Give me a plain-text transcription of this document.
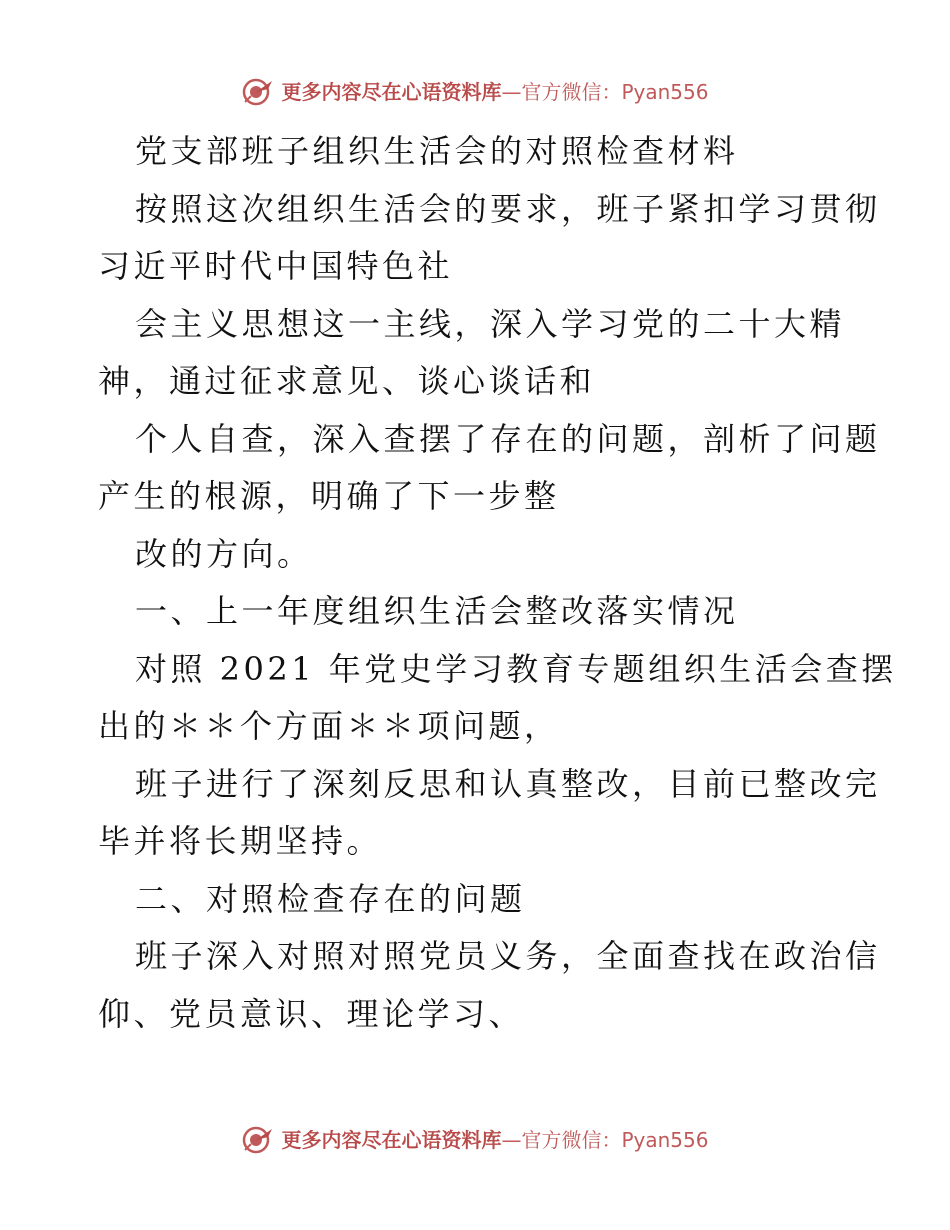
更多内容尽在心语资料库—官方微信：Pyan556
党支部班子组织生活会的对照检查材料
按照这次组织生活会的要求，班子紧扣学习贯彻
习近平时代中国特色社
会主义思想这一主线，深入学习党的二十大精
神，通过征求意见、谈心谈话和
个人自查，深入查摆了存在的问题，剖析了问题
产生的根源，明确了下一步整
改的方向。
一、上一年度组织生活会整改落实情况
对照 2021 年党史学习教育专题组织生活会查摆
出的＊＊个方面＊＊项问题，
班子进行了深刻反思和认真整改，目前已整改完
毕并将长期坚持。
二、对照检查存在的问题
班子深入对照对照党员义务，全面查找在政治信
仰、党员意识、理论学习、
更多内容尽在心语资料库—官方微信：Pyan556
